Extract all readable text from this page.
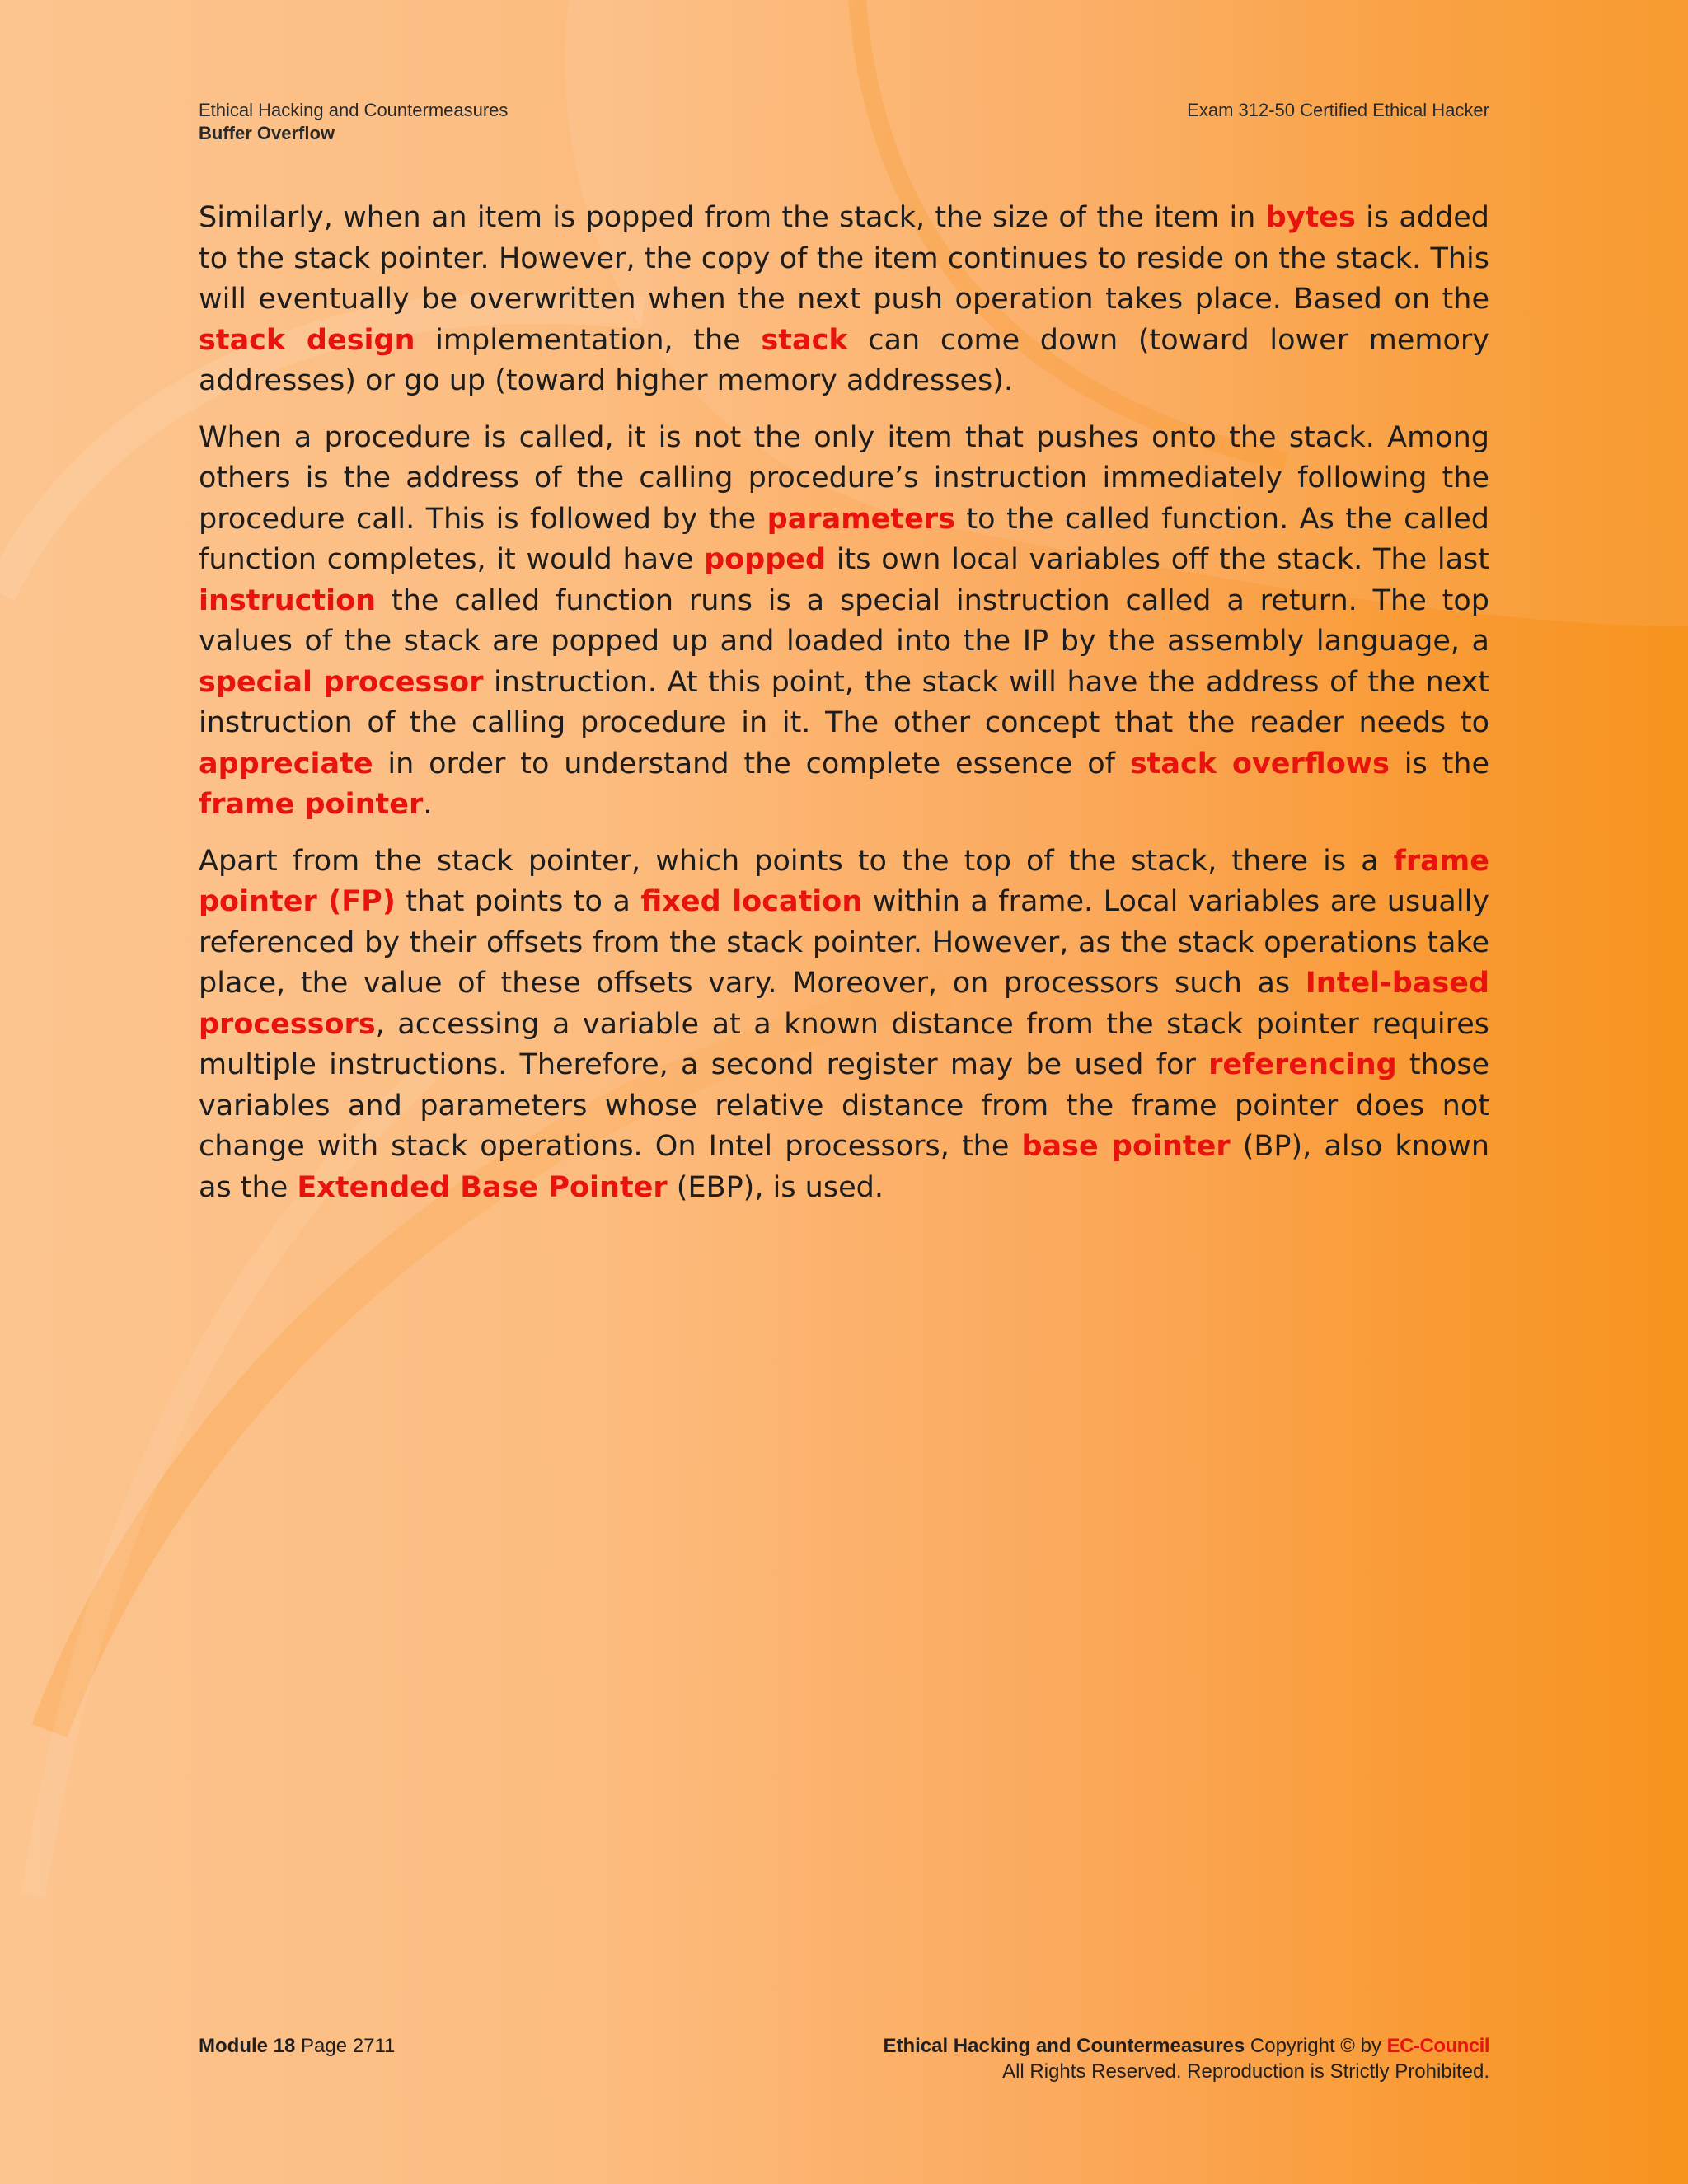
Ethical Hacking and Countermeasures
Buffer Overflow
Exam 312-50 Certified Ethical Hacker

Similarly, when an item is popped from the stack, the size of the item in bytes is added to the stack pointer. However, the copy of the item continues to reside on the stack. This will eventually be overwritten when the next push operation takes place. Based on the stack design implementation, the stack can come down (toward lower memory addresses) or go up (toward higher memory addresses).

When a procedure is called, it is not the only item that pushes onto the stack. Among others is the address of the calling procedure’s instruction immediately following the procedure call. This is followed by the parameters to the called function. As the called function completes, it would have popped its own local variables off the stack. The last instruction the called function runs is a special instruction called a return. The top values of the stack are popped up and loaded into the IP by the assembly language, a special processor instruction. At this point, the stack will have the address of the next instruction of the calling procedure in it. The other concept that the reader needs to appreciate in order to understand the complete essence of stack overflows is the frame pointer.

Apart from the stack pointer, which points to the top of the stack, there is a frame pointer (FP) that points to a fixed location within a frame. Local variables are usually referenced by their offsets from the stack pointer. However, as the stack operations take place, the value of these offsets vary. Moreover, on processors such as Intel-based processors, accessing a variable at a known distance from the stack pointer requires multiple instructions. Therefore, a second register may be used for referencing those variables and parameters whose relative distance from the frame pointer does not change with stack operations. On Intel processors, the base pointer (BP), also known as the Extended Base Pointer (EBP), is used.

Module 18 Page 2711	Ethical Hacking and Countermeasures Copyright © by EC-Council
All Rights Reserved. Reproduction is Strictly Prohibited.
